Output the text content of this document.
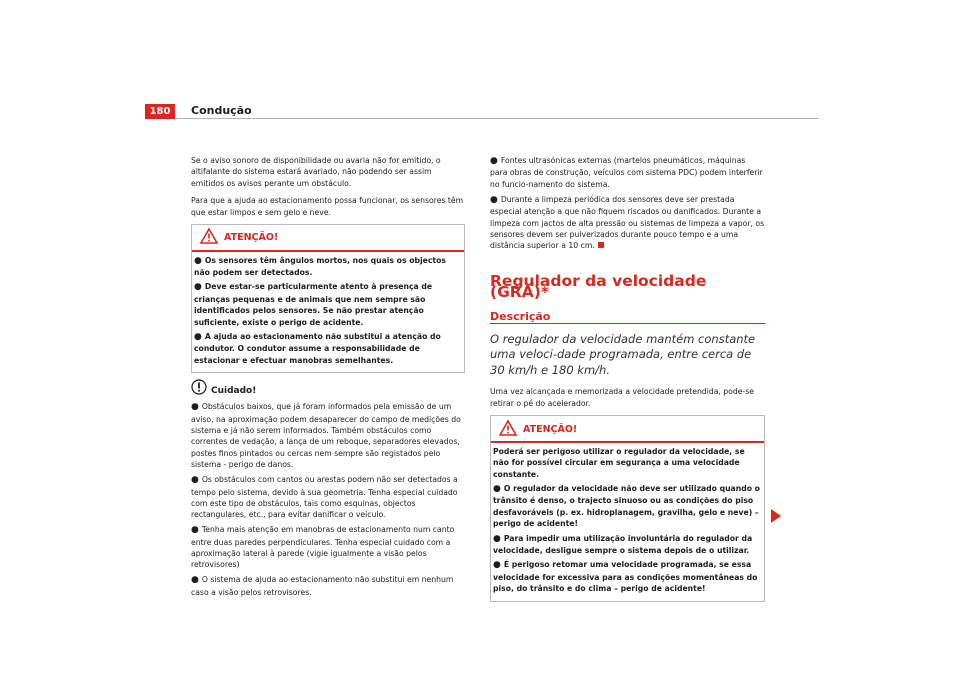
180	Condução

Se o aviso sonoro de disponibilidade ou avaria não for emitido, o altifalante do sistema estará avariado, não podendo ser assim emitidos os avisos perante um obstáculo.

Para que a ajuda ao estacionamento possa funcionar, os sensores têm que estar limpos e sem gelo e neve.

ATENÇÃO!
● Os sensores têm ângulos mortos, nos quais os objectos não podem ser detectados.
● Deve estar-se particularmente atento à presença de crianças pequenas e de animais que nem sempre são identificados pelos sensores. Se não prestar atenção suficiente, existe o perigo de acidente.
● A ajuda ao estacionamento não substitui a atenção do condutor. O condutor assume a responsabilidade de estacionar e efectuar manobras semelhantes.
Cuidado!
● Obstáculos baixos, que já foram informados pela emissão de um aviso, na aproximação podem desaparecer do campo de medições do sistema e já não serem informados. Também obstáculos como correntes de vedação, a lança de um reboque, separadores elevados, postes finos pintados ou cercas nem sempre são registados pelo sistema - perigo de danos.
● Os obstáculos com cantos ou arestas podem não ser detectados a tempo pelo sistema, devido à sua geometria. Tenha especial cuidado com este tipo de obstáculos, tais como esquinas, objectos rectangulares, etc., para evitar danificar o veículo.
● Tenha mais atenção em manobras de estacionamento num canto entre duas paredes perpendiculares. Tenha especial cuidado com a aproximação lateral à parede (vigie igualmente a visão pelos retrovisores)
● O sistema de ajuda ao estacionamento não substitui em nenhum caso a visão pelos retrovisores.
● Fontes ultrasónicas externas (martelos pneumáticos, máquinas para obras de construção, veículos com sistema PDC) podem interferir no funcio-namento do sistema.
● Durante a limpeza periódica dos sensores deve ser prestada especial atenção a que não fiquem riscados ou danificados. Durante a limpeza com jactos de alta pressão ou sistemas de limpeza a vapor, os sensores devem ser pulverizados durante pouco tempo e a uma distância superior a 10 cm.
Regulador da velocidade (GRA)*
Descrição
O regulador da velocidade mantém constante uma veloci-dade programada, entre cerca de 30 km/h e 180 km/h.

Uma vez alcançada e memorizada a velocidade pretendida, pode-se retirar o pé do acelerador.

ATENÇÃO!
Poderá ser perigoso utilizar o regulador da velocidade, se não for possível circular em segurança a uma velocidade constante.
● O regulador da velocidade não deve ser utilizado quando o trânsito é denso, o trajecto sinuoso ou as condições do piso desfavoráveis (p. ex. hidroplanagem, gravilha, gelo e neve) – perigo de acidente!
● Para impedir uma utilização involuntária do regulador da velocidade, desligue sempre o sistema depois de o utilizar.
● É perigoso retomar uma velocidade programada, se essa velocidade for excessiva para as condições momentâneas do piso, do trânsito e do clima – perigo de acidente!
